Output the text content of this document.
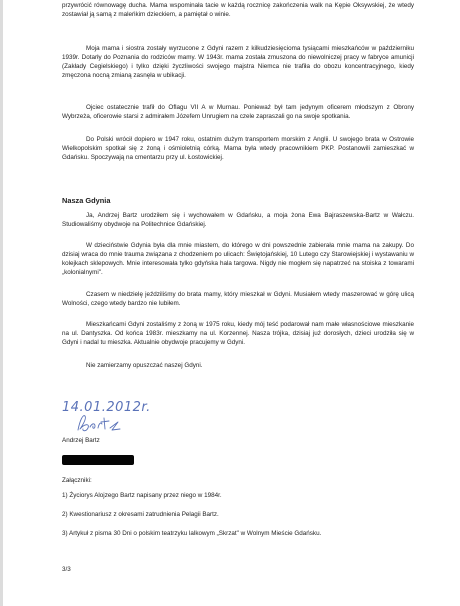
przywrócić równowagę ducha. Mama wspominała tacie w każdą rocznicę zakończenia walk na Kępie Oksywskiej, że wtedy zostawiał ją samą z maleńkim dzieckiem, a pamiętał o winie.

Moja mama i siostra zostały wyrzucone z Gdyni razem z kilkudziesięcioma tysiącami mieszkańców w październiku 1939r. Dotarły do Poznania do rodziców mamy. W 1943r. mama została zmuszona do niewolniczej pracy w fabryce amunicji (Zakłady Cegielskiego) i tylko dzięki życzliwości swojego majstra Niemca nie trafiła do obozu koncentracyjnego, kiedy zmęczona nocną zmianą zasnęła w ubikacji.

Ojciec ostatecznie trafił do Oflagu VII A w Murnau. Ponieważ był tam jedynym oficerem młodszym z Obrony Wybrzeża, oficerowie starsi z admirałem Józefem Unrugiem na czele zapraszali go na swoje spotkania.

Do Polski wrócił dopiero w 1947 roku, ostatnim dużym transportem morskim z Anglii. U swojego brata w Ostrowie Wielkopolskim spotkał się z żoną i ośmioletnią córką. Mama była wtedy pracownikiem PKP. Postanowili zamieszkać w Gdańsku. Spoczywają na cmentarzu przy ul. Łostowickiej.

Nasza Gdynia

Ja, Andrzej Bartz urodziłem się i wychowałem w Gdańsku, a moja żona Ewa Bajraszewska-Bartz w Wałczu. Studiowaliśmy obydwoje na Politechnice Gdańskiej.

W dzieciństwie Gdynia była dla mnie miastem, do którego w dni powszednie zabierała mnie mama na zakupy. Do dzisiaj wraca do mnie trauma związana z chodzeniem po ulicach: Świętojańskiej, 10 Lutego czy Starowiejskiej i wystawaniu w kolejkach sklepowych. Mnie interesowała tylko gdyńska hala targowa. Nigdy nie mogłem się napatrzeć na stoiska z towarami „kolonialnymi".

Czasem w niedzielę jeździliśmy do brata mamy, który mieszkał w Gdyni. Musiałem wtedy maszerować w górę ulicą Wolności, czego wtedy bardzo nie lubiłem.

Mieszkańcami Gdyni zostaliśmy z żoną w 1975 roku, kiedy mój teść podarował nam małe własnościowe mieszkanie na ul. Dantyszka. Od końca 1983r. mieszkamy na ul. Korzennej. Nasza trójka, dzisiaj już dorosłych, dzieci urodziła się w Gdyni i nadal tu mieszka. Aktualnie obydwoje pracujemy w Gdyni.

Nie zamierzamy opuszczać naszej Gdyni.

14.01.2012r.
Andrzej Bartz
Załączniki:
1) Życiorys Alojzego Bartz napisany przez niego w 1984r.
2) Kwestionariusz z okresami zatrudnienia Pelagii Bartz.
3) Artykuł z pisma 30 Dni o polskim teatrzyku lalkowym „Skrzat" w Wolnym Mieście Gdańsku.
3/3
